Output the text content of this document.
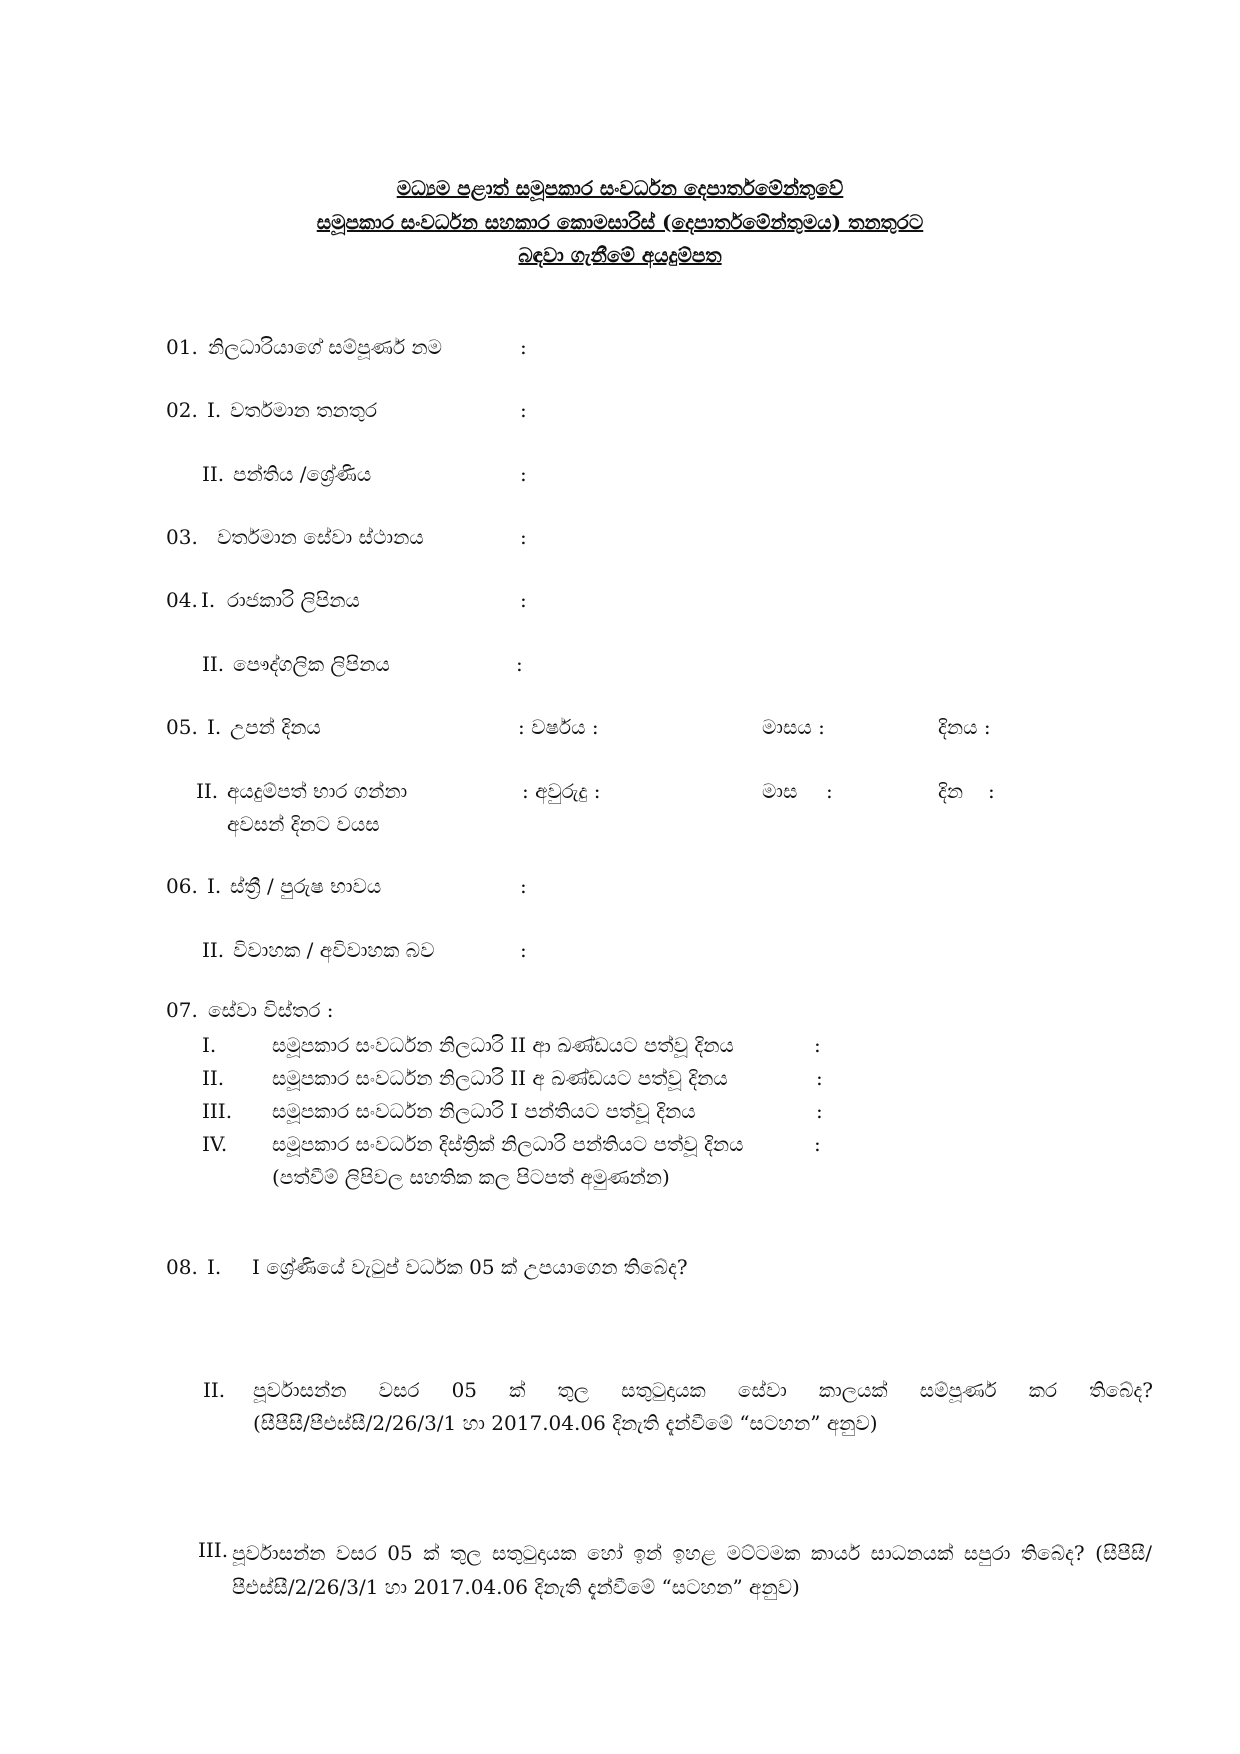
මධ්‍යම පළාත් සමූපකාර සංවර්ධන දෙපාර්තමේන්තුවේ
සමූපකාර සංවර්ධන සහකාර කොමසාරිස් (දෙපාර්තමේන්තුමය) තනතුරට
බඳවා ගැනීමේ අයදුම්පත
01. නිලධාරියාගේ සම්පූර්ණ නම	:
02. I. වර්තමාන තනතුර	:
II. පන්තිය /ශ්‍රේණිය	:
03. වර්තමාන සේවා ස්ථානය	:
04. I. රාජකාරි ලිපිනය	:
II. පෞද්ගලික ලිපිනය	:
05. I. උපන් දිනය	: වර්ෂය :	මාසය :	දිනය :
II. අයදුම්පත් භාර ගන්නා
අවසන් දිනට වයස
: අවුරුදු :	මාස :	දින :
06. I. ස්ත්‍රී / පුරුෂ භාවය	:
II. විවාහක / අවිවාහක බව	:
07. සේවා විස්තර :
I.	සමූපකාර සංවර්ධන නිලධාරි II ආ ඛණ්ඩයට පත්වූ දිනය	:
II. සමූපකාර සංවර්ධන නිලධාරි II අ ඛණ්ඩයට පත්වූ දිනය	:
III. සමූපකාර සංවර්ධන නිලධාරි I පන්තියට පත්වූ දිනය	:
IV. සමූපකාර සංවර්ධන දිස්ත්‍රික් නිලධාරි පන්තියට පත්වූ දිනය	:
(පත්වීම් ලිපිවල සහතික කල පිටපත් අමුණන්න)
08. I. I ශ්‍රේණියේ වැටුප් වර්ධක 05 ක් උපයාගෙන තිබේද?
II. පූර්වාසන්න වසර 05 ක් තුල සතුටුදායක සේවා කාලයක් සම්පූර්ණ කර තිබේද?
(සීපීසී/පීඑස්සී/2/26/3/1 හා 2017.04.06 දිනැති දැන්වීමේ “සටහන” අනුව)
III. පූර්වාසන්න වසර 05 ක් තුල සතුටුදායක හෝ ඉන් ඉහළ මට්ටමක කාර්ය සාධනයක් සපුරා තිබේද? (සීපීසී/පීඑස්සී/2/26/3/1 හා 2017.04.06 දිනැති දැන්වීමේ “සටහන” අනුව)
